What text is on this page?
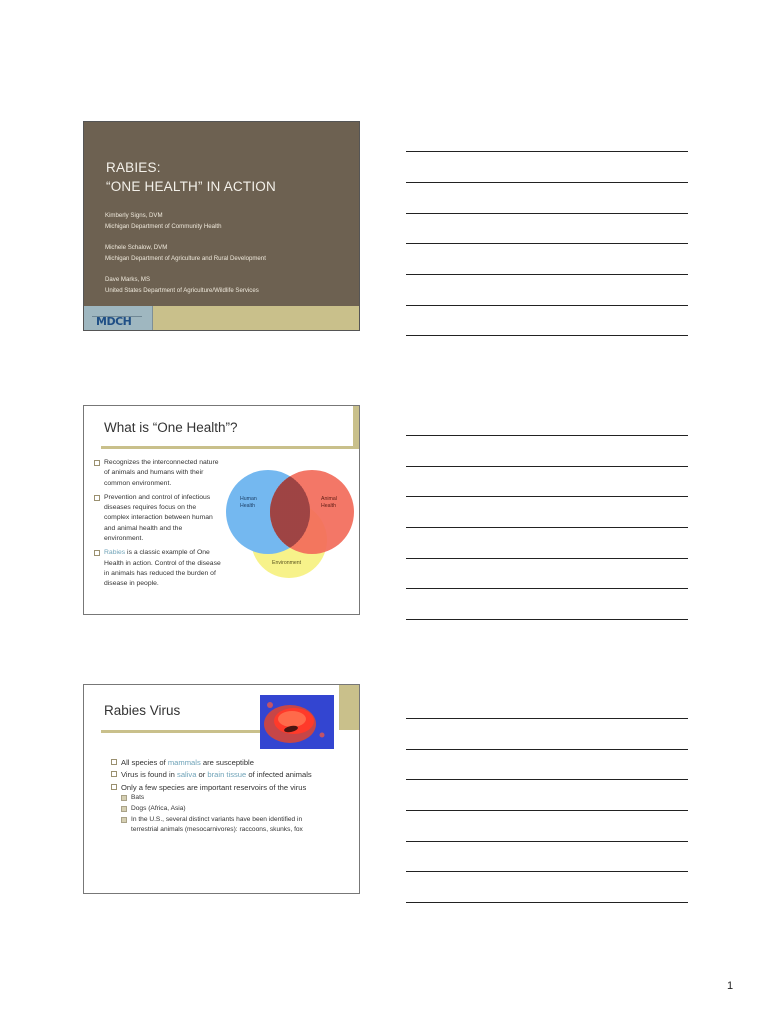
RABIES:
“ONE HEALTH” IN ACTION
Kimberly Signs, DVM
Michigan Department of Community Health
Michele Schalow, DVM
Michigan Department of Agriculture and Rural Development
Dave Marks, MS
United States Department of Agriculture/Wildlife Services
MDCH
What is “One Health”?
Recognizes the interconnected nature of animals and humans with their common environment.
Prevention and control of infectious diseases requires focus on the complex interaction between human and animal health and the environment.
Rabies is a classic example of One Health in action. Control of the disease in animals has reduced the burden of disease in people.
Human
Health
Animal
Health
Environment
Rabies Virus
All species of mammals are susceptible
Virus is found in saliva or brain tissue of infected animals
Only a few species are important reservoirs of the virus
Bats
Dogs (Africa, Asia)
In the U.S., several distinct variants have been identified in terrestrial animals (mesocarnivores): raccoons, skunks, fox
1
